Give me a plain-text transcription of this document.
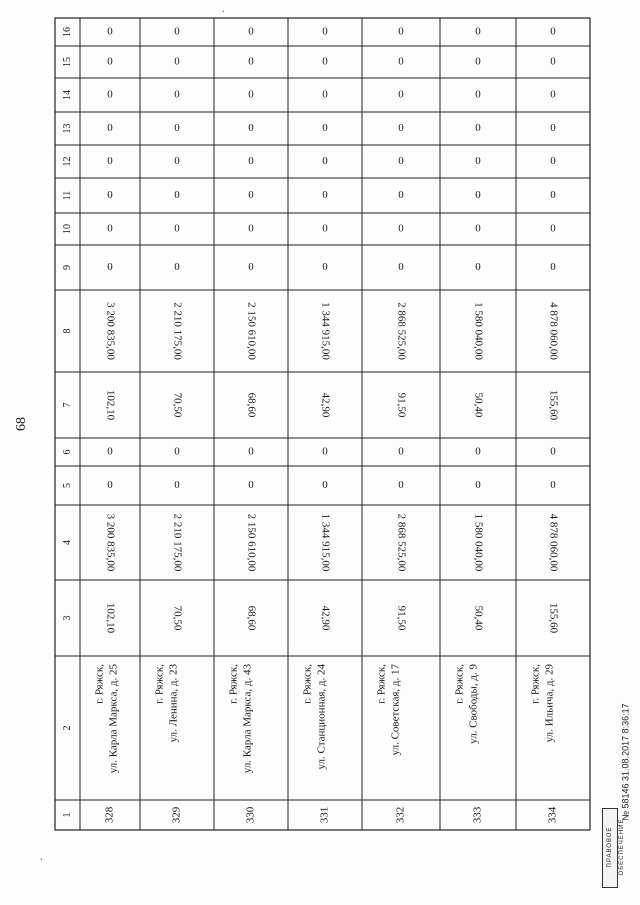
68
16
15
14
13
12
11
10
9
8
7
6
5
4
3
2
1
0
0
0
0
0
0
0
0
3 200 835,00
102,10
0
0
3 200 835,00
102,10
г. Ряжск, ул. Карла Маркса, д. 25
328
0
0
0
0
0
0
0
0
2 210 175,00
70,50
0
0
2 210 175,00
70,50
г. Ряжск, ул. Ленина, д. 23
329
0
0
0
0
0
0
0
0
2 150 610,00
68,60
0
0
2 150 610,00
68,60
г. Ряжск, ул. Карла Маркса, д. 43
330
0
0
0
0
0
0
0
0
1 344 915,00
42,90
0
0
1 344 915,00
42,90
г. Ряжск, ул. Станционная, д. 24
331
0
0
0
0
0
0
0
0
2 868 525,00
91,50
0
0
2 868 525,00
91,50
г. Ряжск, ул. Советская, д. 17
332
0
0
0
0
0
0
0
0
1 580 040,00
50,40
0
0
1 580 040,00
50,40
г. Ряжск, ул. Свободы, д. 9
333
0
0
0
0
0
0
0
0
4 878 060,00
155,60
0
0
4 878 060,00
155,60
г. Ряжск, ул. Ильича, д. 29
334	№ 58146 31.08.2017 8:36:17
ПРАВОВОЕ ОБЕСПЕЧЕНИЕ
.
.
